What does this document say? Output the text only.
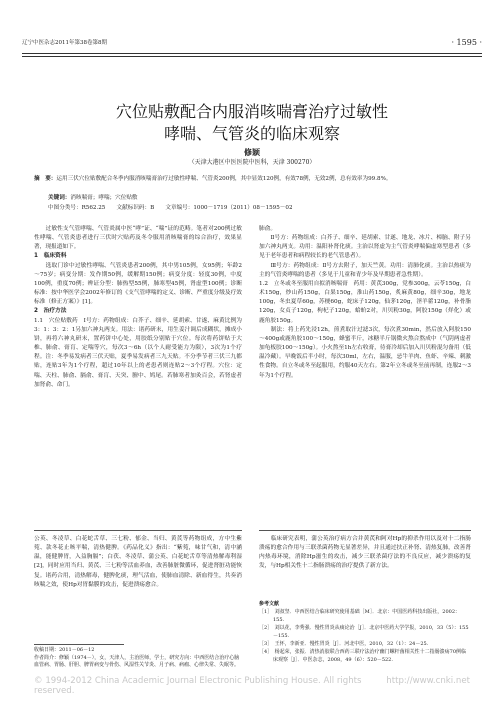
辽宁中医杂志2011年第38卷第8期	· 1595 ·
穴位贴敷配合内服消咳喘膏治疗过敏性
哮喘、气管炎的临床观察
修颖
（天津大港区中医医院中医科，天津 300270）
摘　要：运用三伏穴位贴敷配合冬季内服消咳喘膏治疗过敏性哮喘、气管炎200例，其中显效120例，有效78例，无效2例，总有效率为99.8%。
关键词：消咳喘膏；哮喘；穴位贴敷
中图分类号：R562.25　　文献标识码：B　　文章编号：1000－1719（2011）08－1595－02

　　过敏性支气管哮喘、气管炎属中医“哮”证、“喘”证的范畴。笔者对200例过敏性哮喘、气管炎患者进行三伏时穴贴药及冬令服用消咳喘膏的综合治疗，效果显著，现报道如下。

1　临床资料

　　选取门诊中过敏性哮喘、气管炎患者200例，其中男105例，女95例；年龄2～75岁；病变分期：发作期50例，缓解期150例；病变分度：轻度30例，中度100例，重度70例；辨证分型：肺热型55例，肺寒型45例，肾虚型100例；诊断标准：按中华医学会2002年修订的《支气管哮喘的定义、诊断、严重度分级及疗效标准（修正方案）》[1]。

2　治疗方法

1.1　穴位贴敷药　Ⅰ号方：药物组成：白芥子、细辛、延胡索、甘遂、麻黄比例为3：1：3：2：1另加六神丸两支。用法：诸药研末，用生姜汁调后成糊状，摊成小饼，再将六神丸研末，置药饼中心处，用胶纸分别贴于穴位。每次将药饼贴于大椎、肺俞、膏肓、定喘等穴，每次3～6h（以个人耐受能力为限），3次为1个疗程。注：冬季易发病者三伏天贴，夏季易发病者三九天贴。不分季节者三伏三九都贴，连贴3年为1个疗程，超过10年以上的老患者则连贴2～3个疗程。穴位：定喘、天柱、肺俞、膈俞、膏肓、天突、膻中、鸠尾。若肺寒者加灸百会，若肾虚者加肾俞、命门。

肺俞。

　　Ⅱ号方：药物组成：白芥子、细辛、延胡索、甘遂、地龙、冰片、樟脑、附子另加六神丸两支。功用：温阳补肾化痰。主治以肾虚为主气管炎哮喘偏虚寒型患者（多见于老年患者和病程较长的老气管患者）。

　　Ⅲ号方：药物组成：Ⅱ号方去附子，加天竺黄。功用：清肺化痰。主治以热痰为主的气管炎哮喘的患者（多见于儿童和青少年及早期患者急性期）。

1.2　立冬或冬至服用自拟消咳喘膏　药用：黄芪300g，党参300g，云苓150g，白术150g，炒山药150g，白果150g，淮山药150g，炙麻黄80g，细辛30g，地龙100g，冬虫夏草60g，苏梗60g，蛇床子120g，仙茅120g，淫羊藿120g，补骨脂120g，女贞子120g，枸杞子120g，蛤蚧2对，川贝粉30g，阿胶150g（烊化）或鹿角胶150g。

　　制法：将上药先浸12h，煎煮取汁过滤3次，每次煮30min，然后放入阿胶150～400g或鹿角胶100～150g，蜂蜜半斤，冰糖半斤锅微火熬合熬成中（气阴两虚者加龟板胶100～150g）。小火熬至1h左右收膏，待膏冷却后加入川贝粉混匀备用（低温冷藏）。早晚饭后半小时，每次30ml，左右，温服，忌牛羊肉、鱼虾、辛辣、刺激性食物。自立冬或冬至起服用，约服40天左右。第2年立冬或冬至前再制，连服2～3年为1个疗程。

公英、冬凌草、白花蛇舌草、三七粉、郁金、当归、黄芪等药物组成，方中生紫菀、款冬花止咳平喘，清热健脾。《药品化义》指出：“紫菀，味甘气和，清中涵温，能健脾胃，入益胸膈”；白茯、冬凌草、蒲公英、白花蛇舌草等清热解毒利湿[2]，同时应用当归、黄芪、三七粉等活血养血，改善肺脏微循环，促进肾脏功能恢复。诸药合用，清热解毒，健脾化痰，理气活血，使肺血清除、新血得生，共奏消咳喘之效，使Hp对胃黏膜的攻击，促进溃疡愈合。
　　临床研究表明，蒲公英治疗病方合并黄芪和阿对Hp的抑杀作用以及对十二指肠溃疡的愈合作用与三联杀菌药物无显著差异，并且通过扶正补肾、清热复肺，改善肾内热毒环境，消除Hp滋生的攻击，减少三联杀菌疗法的不良反应，减少溃疡的复发，与Hp相关性十二指肠溃疡的治疗提供了新方法。
参考文献
［1］　刘叔坚．中西医结合临床研究使用基础［M］．北京：中国医药科技出版社，2002：155.
［2］　刘以花，李秀强．慢性胃炎从痰论治［J］．北京中医药大学学报，2010，33（5）：155－155.
［3］　王怀，李新亚．慢性胃炎［J］．河北中医，2010，32（1）：24－25.
［4］　杨起荣，张振．清热消胶联合西药三联疗法治疗幽门螺杆菌相关性十二指肠溃疡70例临床观察［J］．中医杂志，2008，49（6）：520－522.
收稿日期：2011－06－12
作者简介：修颖（1974－），女，天津人，主治医师，学士，研究方向：中西医结合治疗心脑血管病、胃肠、肝胆、脾胃病变与骨伤、风湿性关节炎、月子病、病瘤、心律失常、失眠等。
© 1994-2012 China Academic Journal Electronic Publishing House. All rights reserved.
http://www.cnki.net
